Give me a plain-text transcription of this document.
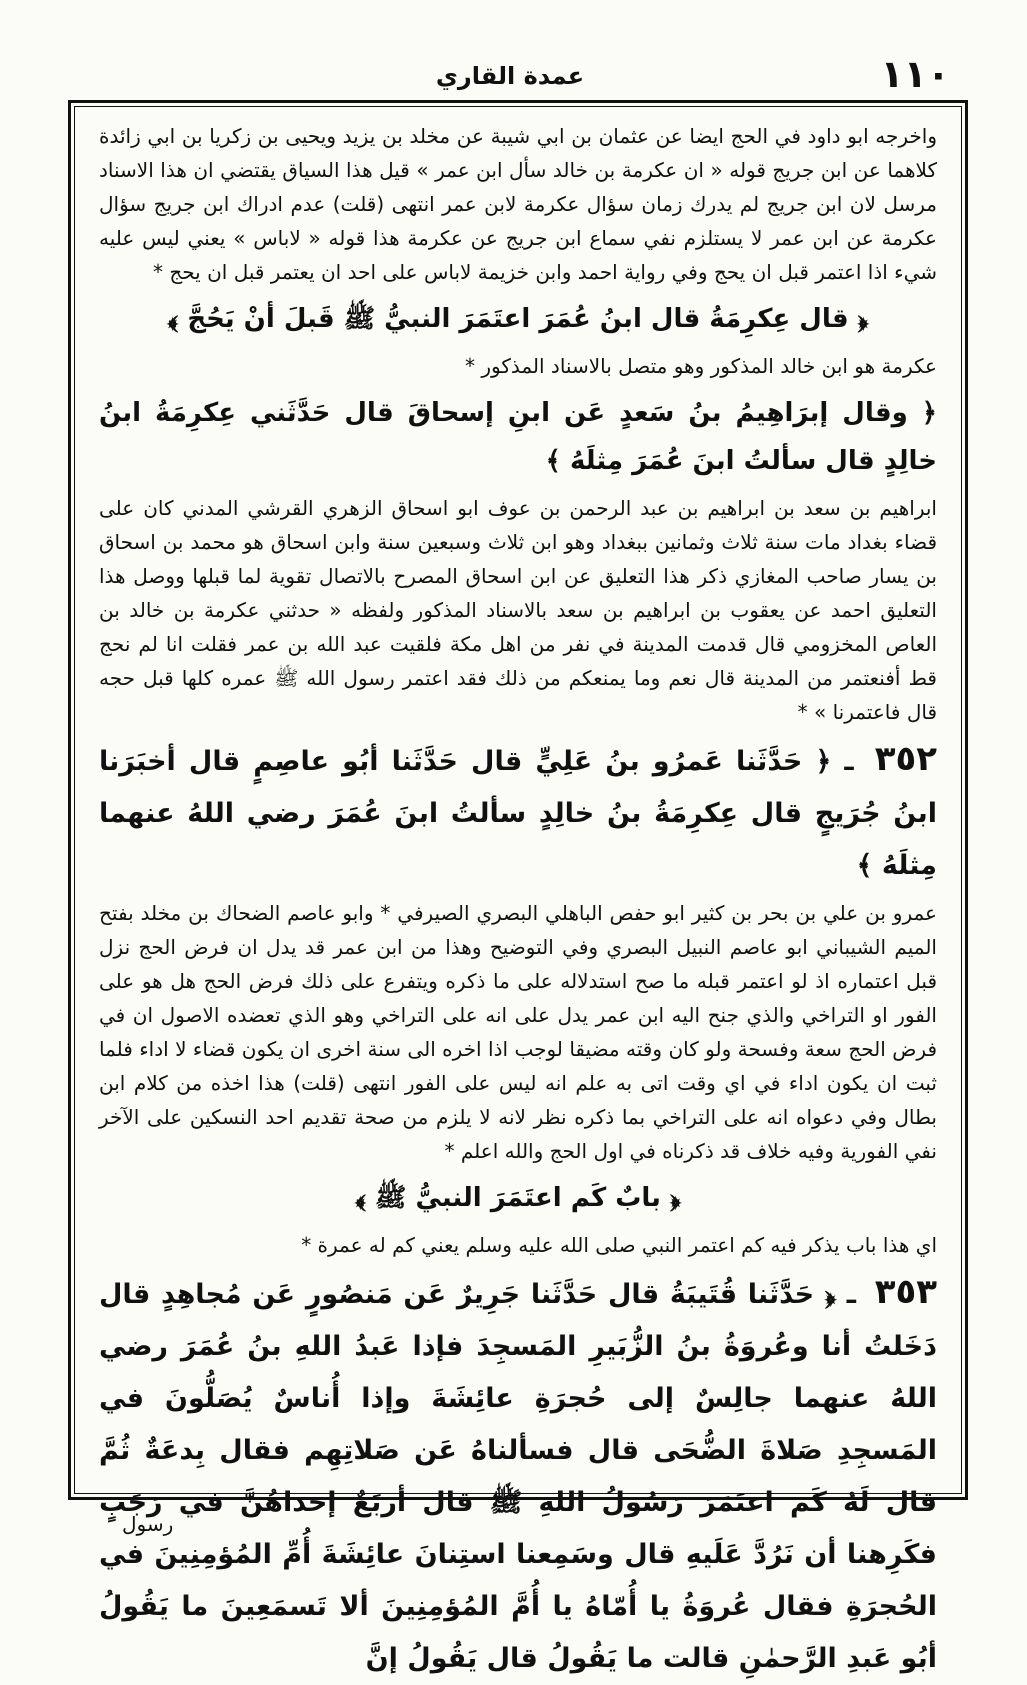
١١٠
عمدة القاري

واخرجه ابو داود في الحج ايضا عن عثمان بن ابي شيبة عن مخلد بن يزيد ويحيى بن زكريا بن ابي زائدة كلاهما عن ابن جريج قوله « ان عكرمة بن خالد سأل ابن عمر » قيل هذا السياق يقتضي ان هذا الاسناد مرسل لان ابن جريج لم يدرك زمان سؤال عكرمة لابن عمر انتهى (قلت) عدم ادراك ابن جريج سؤال عكرمة عن ابن عمر لا يستلزم نفي سماع ابن جريج عن عكرمة هذا قوله « لاباس » يعني ليس عليه شيء اذا اعتمر قبل ان يحج وفي رواية احمد وابن خزيمة لاباس على احد ان يعتمر قبل ان يحج *

﴿ قال عِكرِمَةُ قال ابنُ عُمَرَ اعتَمَرَ النبيُّ ﷺ قَبلَ أنْ يَحُجَّ ﴾

عكرمة هو ابن خالد المذكور وهو متصل بالاسناد المذكور *

﴿ وقال إبرَاهِيمُ بنُ سَعدٍ عَن ابنِ إسحاقَ قال حَدَّثَني عِكرِمَةُ ابنُ خالِدٍ قال سألتُ ابنَ عُمَرَ مِثلَهُ ﴾

ابراهيم بن سعد بن ابراهيم بن عبد الرحمن بن عوف ابو اسحاق الزهري القرشي المدني كان على قضاء بغداد مات سنة ثلاث وثمانين ببغداد وهو ابن ثلاث وسبعين سنة وابن اسحاق هو محمد بن اسحاق بن يسار صاحب المغازي ذكر هذا التعليق عن ابن اسحاق المصرح بالاتصال تقوية لما قبلها ووصل هذا التعليق احمد عن يعقوب بن ابراهيم بن سعد بالاسناد المذكور ولفظه « حدثني عكرمة بن خالد بن العاص المخزومي قال قدمت المدينة في نفر من اهل مكة فلقيت عبد الله بن عمر فقلت انا لم نحج قط أفنعتمر من المدينة قال نعم وما يمنعكم من ذلك فقد اعتمر رسول الله ﷺ عمره كلها قبل حجه قال فاعتمرنا » *

٣٥٢ ـ ﴿ حَدَّثَنا عَمرُو بنُ عَلِيٍّ قال حَدَّثَنا أبُو عاصِمٍ قال أخبَرَنا ابنُ جُرَيجٍ قال عِكرِمَةُ بنُ خالِدٍ سألتُ ابنَ عُمَرَ رضي اللهُ عنهما مِثلَهُ ﴾

عمرو بن علي بن بحر بن كثير ابو حفص الباهلي البصري الصيرفي * وابو عاصم الضحاك بن مخلد بفتح الميم الشيباني ابو عاصم النبيل البصري وفي التوضيح وهذا من ابن عمر قد يدل ان فرض الحج نزل قبل اعتماره اذ لو اعتمر قبله ما صح استدلاله على ما ذكره ويتفرع على ذلك فرض الحج هل هو على الفور او التراخي والذي جنح اليه ابن عمر يدل على انه على التراخي وهو الذي تعضده الاصول ان في فرض الحج سعة وفسحة ولو كان وقته مضيقا لوجب اذا اخره الى سنة اخرى ان يكون قضاء لا اداء فلما ثبت ان يكون اداء في اي وقت اتى به علم انه ليس على الفور انتهى (قلت) هذا اخذه من كلام ابن بطال وفي دعواه انه على التراخي بما ذكره نظر لانه لا يلزم من صحة تقديم احد النسكين على الآخر نفي الفورية وفيه خلاف قد ذكرناه في اول الحج والله اعلم *

﴿ بابٌ كَم اعتَمَرَ النبيُّ ﷺ ﴾

اي هذا باب يذكر فيه كم اعتمر النبي صلى الله عليه وسلم يعني كم له عمرة *

٣٥٣ ـ ﴿ حَدَّثَنا قُتَيبَةُ قال حَدَّثَنا جَرِيرٌ عَن مَنصُورٍ عَن مُجاهِدٍ قال دَخَلتُ أنا وعُروَةُ بنُ الزُّبَيرِ المَسجِدَ فإذا عَبدُ اللهِ بنُ عُمَرَ رضي اللهُ عنهما جالِسٌ إلى حُجرَةِ عائِشَةَ وإذا أُناسٌ يُصَلُّونَ في المَسجِدِ صَلاةَ الضُّحَى قال فسألناهُ عَن صَلاتِهِم فقال بِدعَةٌ ثُمَّ قال لَهُ كَم اعتَمَرَ رَسُولُ اللهِ ﷺ قال أربَعٌ إحداهُنَّ في رَجَبٍ فكَرِهنا أن نَرُدَّ عَلَيهِ قال وسَمِعنا استِنانَ عائِشَةَ أُمِّ المُؤمِنِينَ في الحُجرَةِ فقال عُروَةُ يا أُمّاهُ يا أُمَّ المُؤمِنِينَ ألا تَسمَعِينَ ما يَقُولُ أبُو عَبدِ الرَّحمٰنِ قالت ما يَقُولُ قال يَقُولُ إنَّ

رسول
